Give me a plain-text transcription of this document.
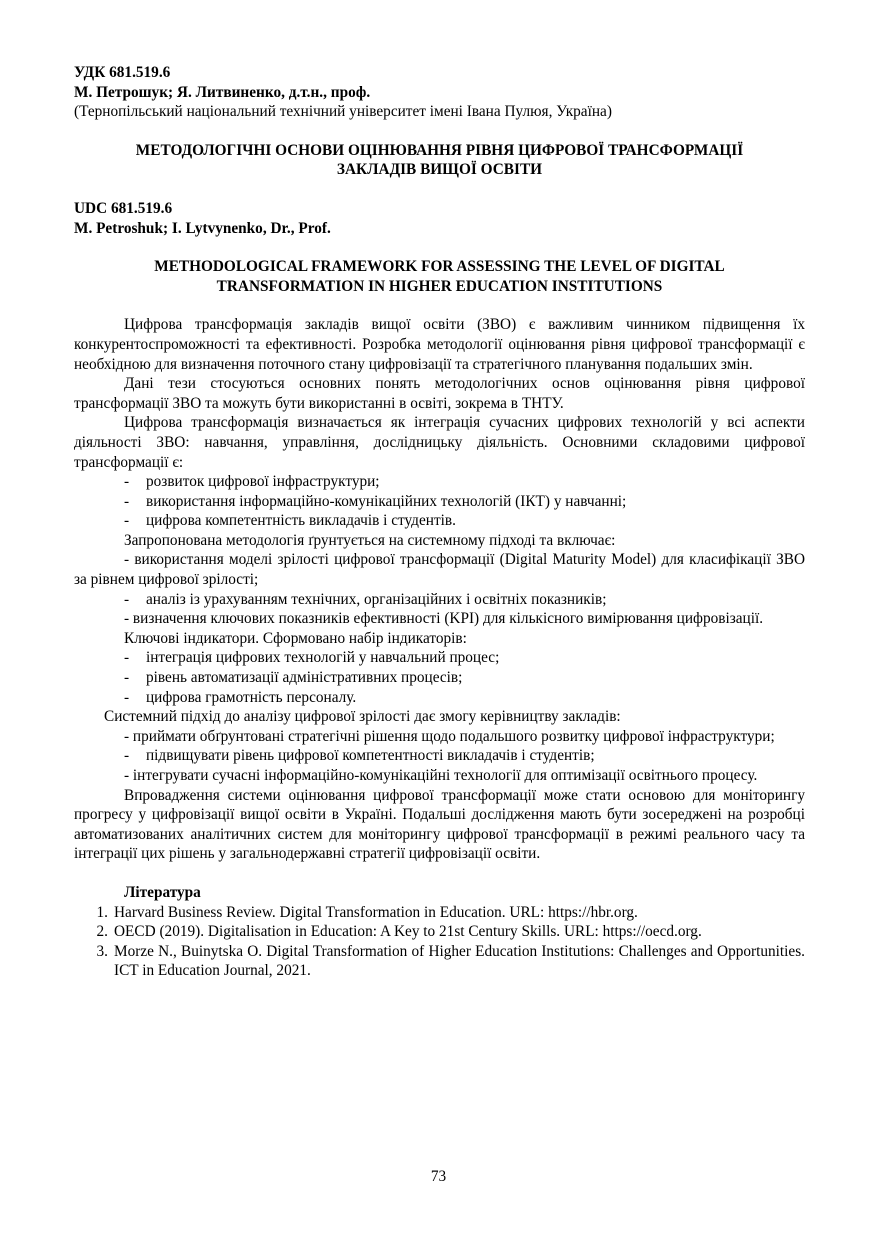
УДК 681.519.6

М. Петрошук; Я. Литвиненко, д.т.н., проф.

(Тернопільський національний технічний університет імені Івана Пулюя, Україна)

МЕТОДОЛОГІЧНІ ОСНОВИ ОЦІНЮВАННЯ РІВНЯ ЦИФРОВОЇ ТРАНСФОРМАЦІЇ

ЗАКЛАДІВ ВИЩОЇ ОСВІТИ

UDC 681.519.6

M. Petroshuk; I. Lytvynenko, Dr., Prof.

METHODOLOGICAL FRAMEWORK FOR ASSESSING THE LEVEL OF DIGITAL

TRANSFORMATION IN HIGHER EDUCATION INSTITUTIONS

Цифрова трансформація закладів вищої освіти (ЗВО) є важливим чинником підвищення їх конкурентоспроможності та ефективності. Розробка методології оцінювання рівня цифрової трансформації є необхідною для визначення поточного стану цифровізації та стратегічного планування подальших змін.

Дані тези стосуються основних понять методологічних основ оцінювання рівня цифрової трансформації ЗВО та можуть бути використанні в освіті, зокрема в ТНТУ.

Цифрова трансформація визначається як інтеграція сучасних цифрових технологій у всі аспекти діяльності ЗВО: навчання, управління, дослідницьку діяльність. Основними складовими цифрової трансформації є:

-	розвиток цифрової інфраструктури;

-	використання інформаційно-комунікаційних технологій (ІКТ) у навчанні;

-	цифрова компетентність викладачів і студентів.

Запропонована методологія ґрунтується на системному підході та включає:

- використання моделі зрілості цифрової трансформації (Digital Maturity Model) для класифікації ЗВО за рівнем цифрової зрілості;

-	аналіз із урахуванням технічних, організаційних і освітніх показників;

- визначення ключових показників ефективності (KPI) для кількісного вимірювання цифровізації.

Ключові індикатори. Сформовано набір індикаторів:

-	інтеграція цифрових технологій у навчальний процес;

-	рівень автоматизації адміністративних процесів;

-	цифрова грамотність персоналу.

Системний підхід до аналізу цифрової зрілості дає змогу керівництву закладів:

- приймати обґрунтовані стратегічні рішення щодо подальшого розвитку цифрової інфраструктури;

-	підвищувати рівень цифрової компетентності викладачів і студентів;

- інтегрувати сучасні інформаційно-комунікаційні технології для оптимізації освітнього процесу.

Впровадження системи оцінювання цифрової трансформації може стати основою для моніторингу прогресу у цифровізації вищої освіти в Україні. Подальші дослідження мають бути зосереджені на розробці автоматизованих аналітичних систем для моніторингу цифрової трансформації в режимі реального часу та інтеграції цих рішень у загальнодержавні стратегії цифровізації освіти.

Література

1. Harvard Business Review. Digital Transformation in Education. URL: https://hbr.org.
2. OECD (2019). Digitalisation in Education: A Key to 21st Century Skills. URL: https://oecd.org.
3. Morze N., Buinytska O. Digital Transformation of Higher Education Institutions: Challenges and Opportunities. ICT in Education Journal, 2021.
73
